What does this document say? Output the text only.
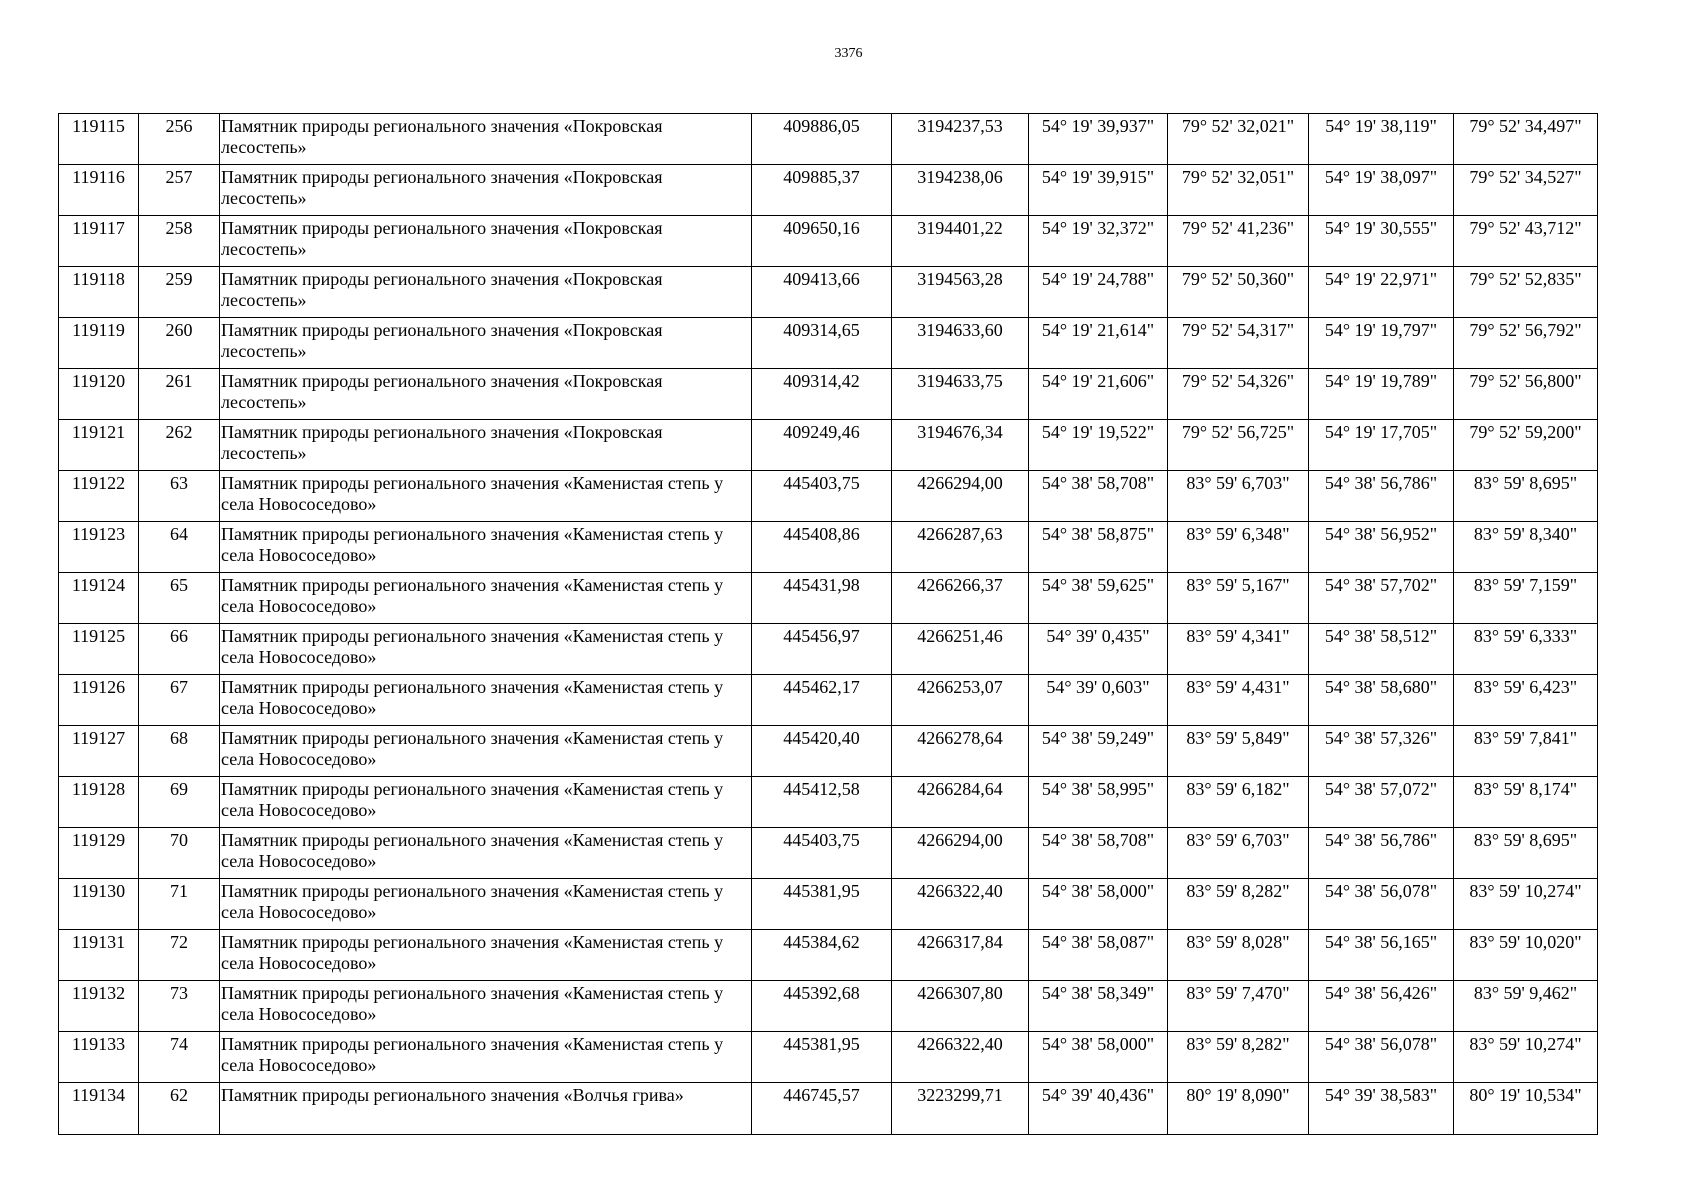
3376
119115	256	Памятник природы регионального значения «Покровская лесостепь»	409886,05	3194237,53	54° 19' 39,937"	79° 52' 32,021"	54° 19' 38,119"	79° 52' 34,497"
119116	257	Памятник природы регионального значения «Покровская лесостепь»	409885,37	3194238,06	54° 19' 39,915"	79° 52' 32,051"	54° 19' 38,097"	79° 52' 34,527"
119117	258	Памятник природы регионального значения «Покровская лесостепь»	409650,16	3194401,22	54° 19' 32,372"	79° 52' 41,236"	54° 19' 30,555"	79° 52' 43,712"
119118	259	Памятник природы регионального значения «Покровская лесостепь»	409413,66	3194563,28	54° 19' 24,788"	79° 52' 50,360"	54° 19' 22,971"	79° 52' 52,835"
119119	260	Памятник природы регионального значения «Покровская лесостепь»	409314,65	3194633,60	54° 19' 21,614"	79° 52' 54,317"	54° 19' 19,797"	79° 52' 56,792"
119120	261	Памятник природы регионального значения «Покровская лесостепь»	409314,42	3194633,75	54° 19' 21,606"	79° 52' 54,326"	54° 19' 19,789"	79° 52' 56,800"
119121	262	Памятник природы регионального значения «Покровская лесостепь»	409249,46	3194676,34	54° 19' 19,522"	79° 52' 56,725"	54° 19' 17,705"	79° 52' 59,200"
119122	63	Памятник природы регионального значения «Каменистая степь у села Новососедово»	445403,75	4266294,00	54° 38' 58,708"	83° 59' 6,703"	54° 38' 56,786"	83° 59' 8,695"
119123	64	Памятник природы регионального значения «Каменистая степь у села Новососедово»	445408,86	4266287,63	54° 38' 58,875"	83° 59' 6,348"	54° 38' 56,952"	83° 59' 8,340"
119124	65	Памятник природы регионального значения «Каменистая степь у села Новососедово»	445431,98	4266266,37	54° 38' 59,625"	83° 59' 5,167"	54° 38' 57,702"	83° 59' 7,159"
119125	66	Памятник природы регионального значения «Каменистая степь у села Новососедово»	445456,97	4266251,46	54° 39' 0,435"	83° 59' 4,341"	54° 38' 58,512"	83° 59' 6,333"
119126	67	Памятник природы регионального значения «Каменистая степь у села Новососедово»	445462,17	4266253,07	54° 39' 0,603"	83° 59' 4,431"	54° 38' 58,680"	83° 59' 6,423"
119127	68	Памятник природы регионального значения «Каменистая степь у села Новососедово»	445420,40	4266278,64	54° 38' 59,249"	83° 59' 5,849"	54° 38' 57,326"	83° 59' 7,841"
119128	69	Памятник природы регионального значения «Каменистая степь у села Новососедово»	445412,58	4266284,64	54° 38' 58,995"	83° 59' 6,182"	54° 38' 57,072"	83° 59' 8,174"
119129	70	Памятник природы регионального значения «Каменистая степь у села Новососедово»	445403,75	4266294,00	54° 38' 58,708"	83° 59' 6,703"	54° 38' 56,786"	83° 59' 8,695"
119130	71	Памятник природы регионального значения «Каменистая степь у села Новососедово»	445381,95	4266322,40	54° 38' 58,000"	83° 59' 8,282"	54° 38' 56,078"	83° 59' 10,274"
119131	72	Памятник природы регионального значения «Каменистая степь у села Новососедово»	445384,62	4266317,84	54° 38' 58,087"	83° 59' 8,028"	54° 38' 56,165"	83° 59' 10,020"
119132	73	Памятник природы регионального значения «Каменистая степь у села Новососедово»	445392,68	4266307,80	54° 38' 58,349"	83° 59' 7,470"	54° 38' 56,426"	83° 59' 9,462"
119133	74	Памятник природы регионального значения «Каменистая степь у села Новососедово»	445381,95	4266322,40	54° 38' 58,000"	83° 59' 8,282"	54° 38' 56,078"	83° 59' 10,274"
119134	62	Памятник природы регионального значения «Волчья грива»	446745,57	3223299,71	54° 39' 40,436"	80° 19' 8,090"	54° 39' 38,583"	80° 19' 10,534"
